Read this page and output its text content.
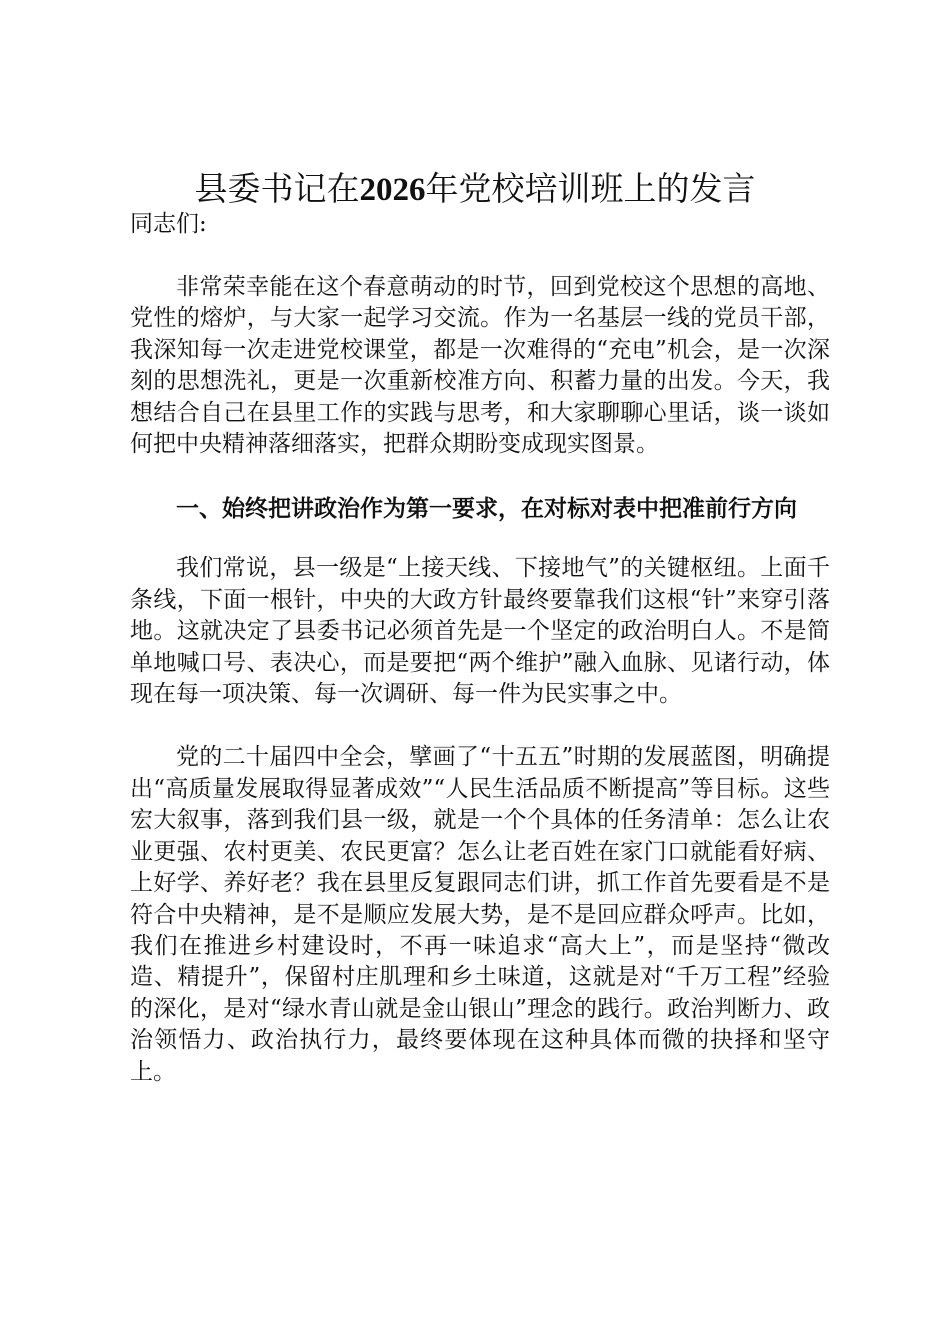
县委书记在2026年党校培训班上的发言
同志们:

非常荣幸能在这个春意萌动的时节，回到党校这个思想的高地、党性的熔炉，与大家一起学习交流。作为一名基层一线的党员干部，我深知每一次走进党校课堂，都是一次难得的“充电”机会，是一次深刻的思想洗礼，更是一次重新校准方向、积蓄力量的出发。今天，我想结合自己在县里工作的实践与思考，和大家聊聊心里话，谈一谈如何把中央精神落细落实，把群众期盼变成现实图景。

一、始终把讲政治作为第一要求，在对标对表中把准前行方向

我们常说，县一级是“上接天线、下接地气”的关键枢纽。上面千条线，下面一根针，中央的大政方针最终要靠我们这根“针”来穿引落地。这就决定了县委书记必须首先是一个坚定的政治明白人。不是简单地喊口号、表决心，而是要把“两个维护”融入血脉、见诸行动，体现在每一项决策、每一次调研、每一件为民实事之中。

党的二十届四中全会，擘画了“十五五”时期的发展蓝图，明确提出“高质量发展取得显著成效”“人民生活品质不断提高”等目标。这些宏大叙事，落到我们县一级，就是一个个具体的任务清单：怎么让农业更强、农村更美、农民更富？怎么让老百姓在家门口就能看好病、上好学、养好老？我在县里反复跟同志们讲，抓工作首先要看是不是符合中央精神，是不是顺应发展大势，是不是回应群众呼声。比如，我们在推进乡村建设时，不再一味追求“高大上”，而是坚持“微改造、精提升”，保留村庄肌理和乡土味道，这就是对“千万工程”经验的深化，是对“绿水青山就是金山银山”理念的践行。政治判断力、政治领悟力、政治执行力，最终要体现在这种具体而微的抉择和坚守上。
